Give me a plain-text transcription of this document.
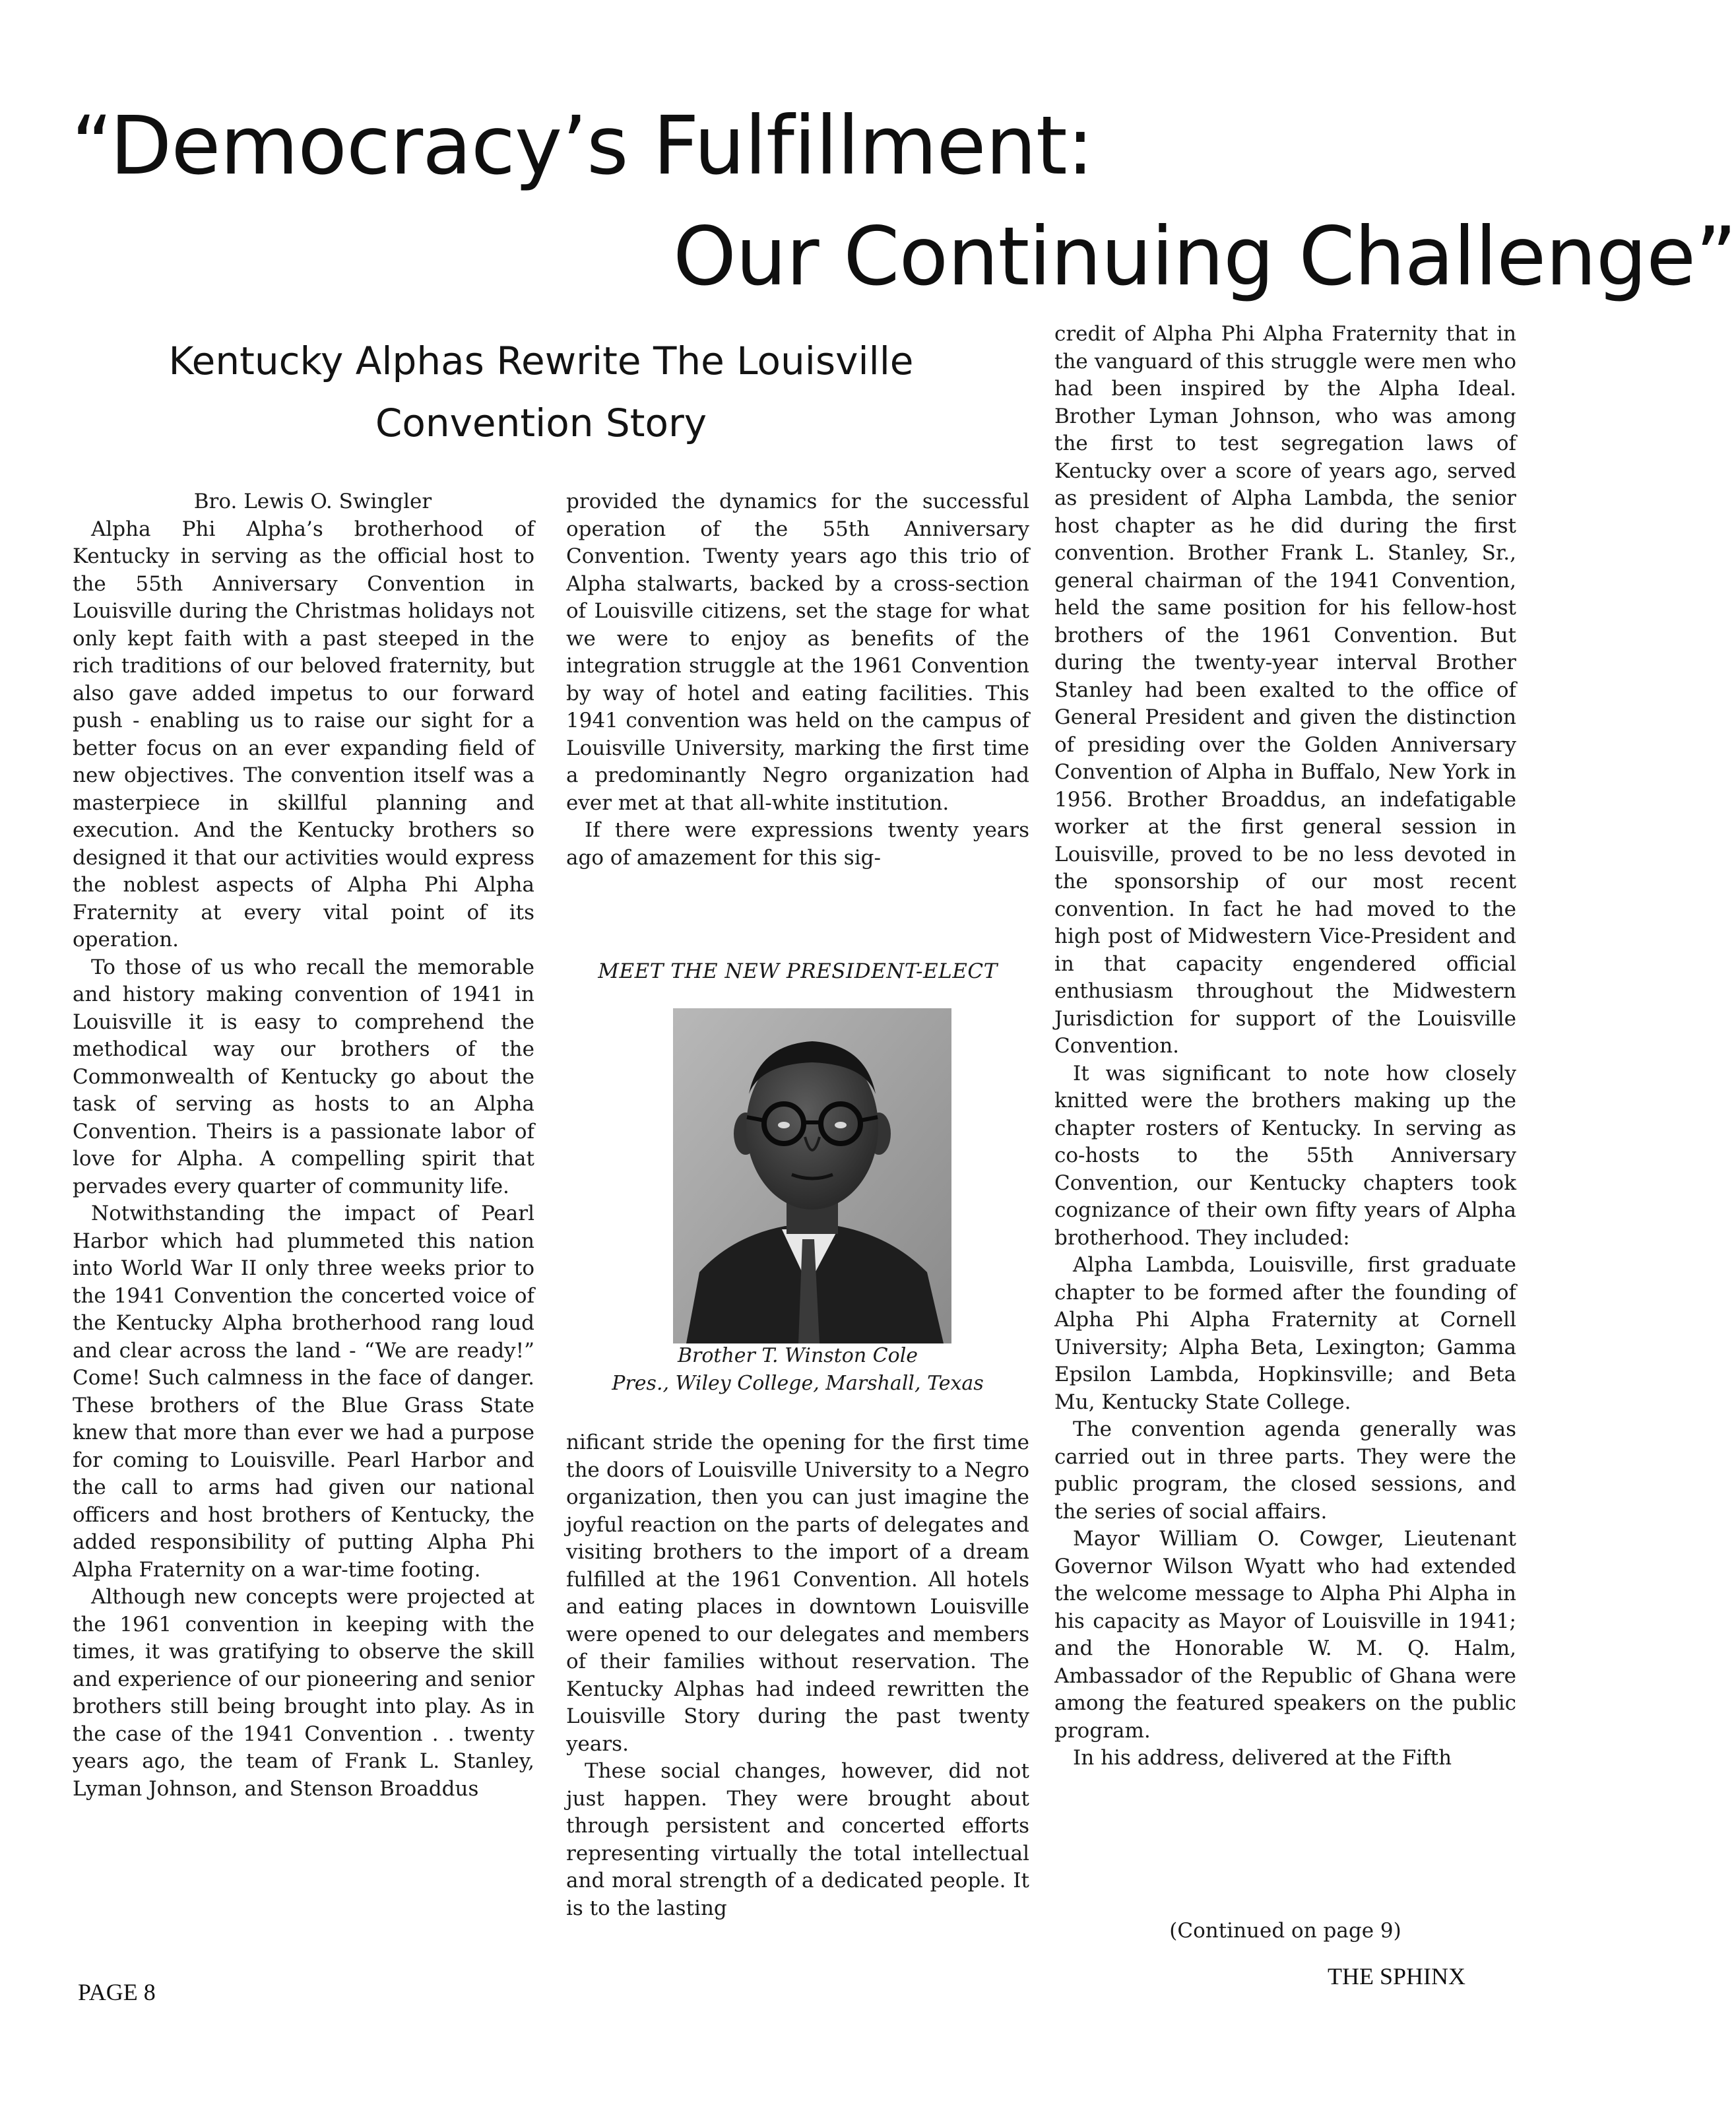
“Democracy’s Fulfillment:
Our Continuing Challenge”
Kentucky Alphas Rewrite The Louisville Convention Story

Bro. Lewis O. Swingler

Alpha Phi Alpha’s brotherhood of Kentucky in serving as the official host to the 55th Anniversary Convention in Louisville during the Christmas holidays not only kept faith with a past steeped in the rich traditions of our beloved fraternity, but also gave added impetus to our forward push - enabling us to raise our sight for a better focus on an ever expanding field of new objectives. The convention itself was a masterpiece in skillful planning and execution. And the Kentucky brothers so designed it that our activities would express the noblest aspects of Alpha Phi Alpha Fraternity at every vital point of its operation.

To those of us who recall the memorable and history making convention of 1941 in Louisville it is easy to comprehend the methodical way our brothers of the Commonwealth of Kentucky go about the task of serving as hosts to an Alpha Convention. Theirs is a passionate labor of love for Alpha. A compelling spirit that pervades every quarter of community life.

Notwithstanding the impact of Pearl Harbor which had plummeted this nation into World War II only three weeks prior to the 1941 Convention the concerted voice of the Kentucky Alpha brotherhood rang loud and clear across the land - “We are ready!” Come! Such calmness in the face of danger. These brothers of the Blue Grass State knew that more than ever we had a purpose for coming to Louisville. Pearl Harbor and the call to arms had given our national officers and host brothers of Kentucky, the added responsibility of putting Alpha Phi Alpha Fraternity on a war-time footing.

Although new concepts were projected at the 1961 convention in keeping with the times, it was gratifying to observe the skill and experience of our pioneering and senior brothers still being brought into play. As in the case of the 1941 Convention . . twenty years ago, the team of Frank L. Stanley, Lyman Johnson, and Stenson Broaddus

provided the dynamics for the successful operation of the 55th Anniversary Convention. Twenty years ago this trio of Alpha stalwarts, backed by a cross-section of Louisville citizens, set the stage for what we were to enjoy as benefits of the integration struggle at the 1961 Convention by way of hotel and eating facilities. This 1941 convention was held on the campus of Louisville University, marking the first time a predominantly Negro organization had ever met at that all-white institution.

If there were expressions twenty years ago of amazement for this sig-

MEET THE NEW PRESIDENT-ELECT
Brother T. Winston Cole
Pres., Wiley College, Marshall, Texas

nificant stride the opening for the first time the doors of Louisville University to a Negro organization, then you can just imagine the joyful reaction on the parts of delegates and visiting brothers to the import of a dream fulfilled at the 1961 Convention. All hotels and eating places in downtown Louisville were opened to our delegates and members of their families without reservation. The Kentucky Alphas had indeed rewritten the Louisville Story during the past twenty years.

These social changes, however, did not just happen. They were brought about through persistent and concerted efforts representing virtually the total intellectual and moral strength of a dedicated people. It is to the lasting

credit of Alpha Phi Alpha Fraternity that in the vanguard of this struggle were men who had been inspired by the Alpha Ideal. Brother Lyman Johnson, who was among the first to test segregation laws of Kentucky over a score of years ago, served as president of Alpha Lambda, the senior host chapter as he did during the first convention. Brother Frank L. Stanley, Sr., general chairman of the 1941 Convention, held the same position for his fellow-host brothers of the 1961 Convention. But during the twenty-year interval Brother Stanley had been exalted to the office of General President and given the distinction of presiding over the Golden Anniversary Convention of Alpha in Buffalo, New York in 1956. Brother Broaddus, an indefatigable worker at the first general session in Louisville, proved to be no less devoted in the sponsorship of our most recent convention. In fact he had moved to the high post of Midwestern Vice-President and in that capacity engendered official enthusiasm throughout the Midwestern Jurisdiction for support of the Louisville Convention.

It was significant to note how closely knitted were the brothers making up the chapter rosters of Kentucky. In serving as co-hosts to the 55th Anniversary Convention, our Kentucky chapters took cognizance of their own fifty years of Alpha brotherhood. They included:

Alpha Lambda, Louisville, first graduate chapter to be formed after the founding of Alpha Phi Alpha Fraternity at Cornell University; Alpha Beta, Lexington; Gamma Epsilon Lambda, Hopkinsville; and Beta Mu, Kentucky State College.

The convention agenda generally was carried out in three parts. They were the public program, the closed sessions, and the series of social affairs.

Mayor William O. Cowger, Lieutenant Governor Wilson Wyatt who had extended the welcome message to Alpha Phi Alpha in his capacity as Mayor of Louisville in 1941; and the Honorable W. M. Q. Halm, Ambassador of the Republic of Ghana were among the featured speakers on the public program.

In his address, delivered at the Fifth

(Continued on page 9)
PAGE 8
THE SPHINX
